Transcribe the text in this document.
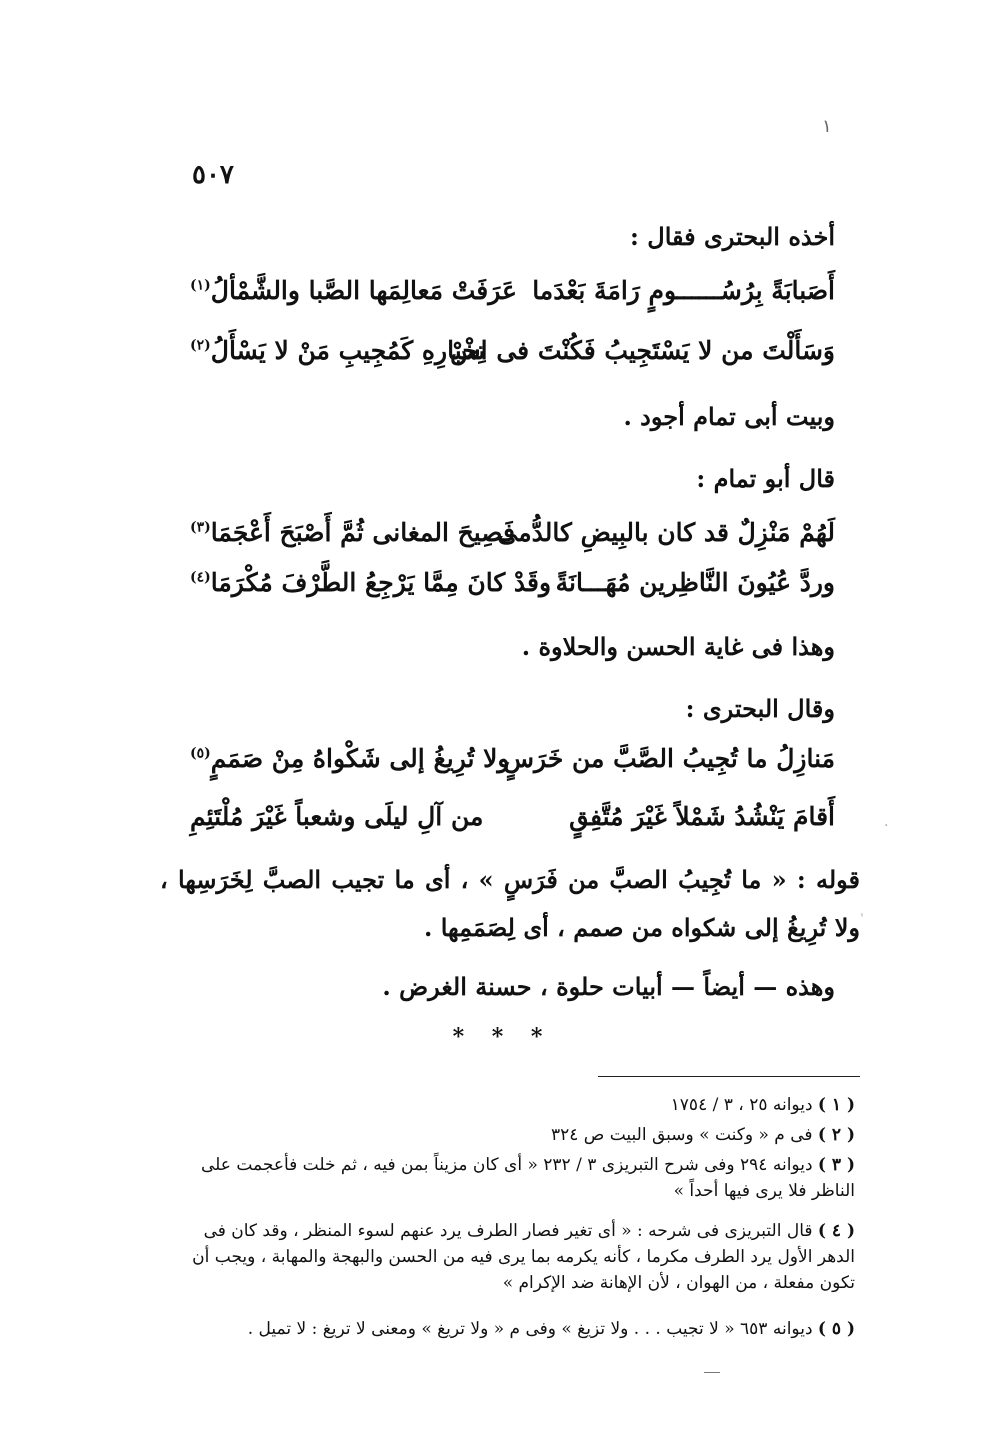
١
٥٠٧
أخذه البحترى فقال :
أَصَبابَةً بِرُسُــــــومٍ رَامَةَ بَعْدَما
عَرَفَتْ مَعالِمَها الصَّبا والشَّمْألُ$^{(١)}$
وَسَأَلْتَ من لا يَسْتَجِيبُ فَكُنْتَ فى اسْ
تِخْبارِهِ كَمُجِيبِ مَنْ لا يَسْأَلُ$^{(٢)}$
وبيت أبى تمام أجود .
قال أبو تمام :
لَهُمْ مَنْزِلٌ قد كان بالبِيضِ كالدُّمى
فَصِيحَ المغانى ثُمَّ أَصْبَحَ أَعْجَمَا$^{(٣)}$
وردَّ عُيُونَ النَّاظِرين مُهَـــانَةً
وقَدْ كانَ مِمَّا يَرْجِعُ الطَّرْفَ مُكْرَمَا$^{(٤)}$
وهذا فى غاية الحسن والحلاوة .
وقال البحترى :
مَنازِلُ ما تُجِيبُ الصَّبَّ من خَرَسٍ
ولا تُرِيغُ إلى شَكْواهُ مِنْ صَمَمٍ$^{(٥)}$
أَقامَ يَنْشُدُ شَمْلاً غَيْرَ مُتَّفِقٍ
من آلِ ليلَى وشعباً غَيْرَ مُلْتَئِمِ
قوله : « ما تُجِيبُ الصبَّ من فَرَسٍ » ، أى ما تجيب الصبَّ لِخَرَسِها ، ولا تُرِيغُ إلى شكواه من صمم ، أى لِصَمَمِها .
وهذه — أيضاً — أبيات حلوة ، حسنة الغرض .
* * *
( ١ ) ديوانه ٢٥ ، ٣ / ١٧٥٤
( ٢ ) فى م « وكنت » وسبق البيت ص ٣٢٤
( ٣ ) ديوانه ٢٩٤ وفى شرح التبريزى ٣ / ٢٣٢ « أى كان مزيناً بمن فيه ، ثم خلت فأعجمت على الناظر فلا يرى فيها أحداً »
( ٤ ) قال التبريزى فى شرحه : « أى تغير فصار الطرف يرد عنهم لسوء المنظر ، وقد كان فى الدهر الأول يرد الطرف مكرما ، كأنه يكرمه بما يرى فيه من الحسن والبهجة والمهابة ، ويجب أن تكون مفعلة ، من الهوان ، لأن الإهانة ضد الإكرام »
( ٥ ) ديوانه ٦٥٣ « لا تجيب . . . ولا تزيغ » وفى م « ولا تريغ » ومعنى لا تريغ : لا تميل .
·
ˈ
